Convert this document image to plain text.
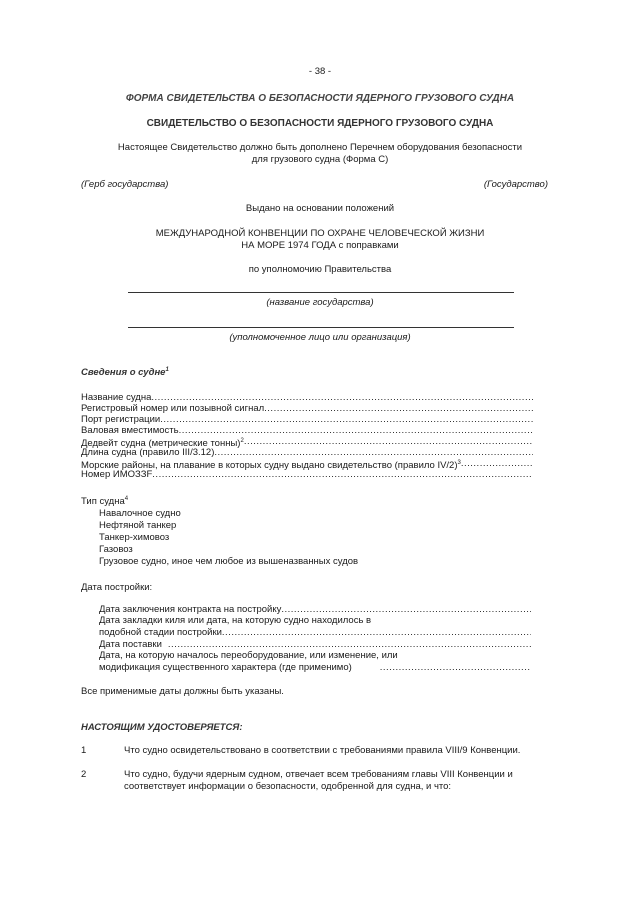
- 38 -
ФОРМА СВИДЕТЕЛЬСТВА О БЕЗОПАСНОСТИ ЯДЕРНОГО ГРУЗОВОГО СУДНА
СВИДЕТЕЛЬСТВО О БЕЗОПАСНОСТИ ЯДЕРНОГО ГРУЗОВОГО СУДНА
Настоящее Свидетельство должно быть дополнено Перечнем оборудования безопасности
для грузового судна (Форма С)
(Герб государства)	(Государство)
Выдано на основании положений
МЕЖДУНАРОДНОЙ КОНВЕНЦИИ ПО ОХРАНЕ ЧЕЛОВЕЧЕСКОЙ ЖИЗНИ
НА МОРЕ 1974 ГОДА с поправками
по уполномочию Правительства
(название государства)
(уполномоченное лицо или организация)
Сведения о судне$^1$
Название судна
.....
Регистровый номер или позывной сигнал
.....
Порт регистрации
.....
Валовая вместимость
.....
Дедвейт судна (метрические тонны)$^2$
.....
Длина судна (правило III/3.12)
.....
Морские районы, на плавание в которых судну выдано свидетельство (правило IV/2)$^3$
.....
Номер ИМОЗЗF
.....
Тип судна$^4$
Навалочное судно
Нефтяной танкер
Танкер-химовоз
Газовоз
Грузовое судно, иное чем любое из вышеназванных судов
Дата постройки:
Дата заключения контракта на постройку
.....
Дата закладки киля или дата, на которую судно находилось в
подобной стадии постройки
.....
Дата поставки
.....
Дата, на которую началось переоборудование, или изменение, или
модификация существенного характера (где применимо)
.....
Все применимые даты должны быть указаны.
НАСТОЯЩИМ УДОСТОВЕРЯЕТСЯ:
1	Что судно освидетельствовано в соответствии с требованиями правила VIII/9 Конвенции.
2	Что судно, будучи ядерным судном, отвечает всем требованиям главы VIII Конвенции и
соответствует информации о безопасности, одобренной для судна, и что:
